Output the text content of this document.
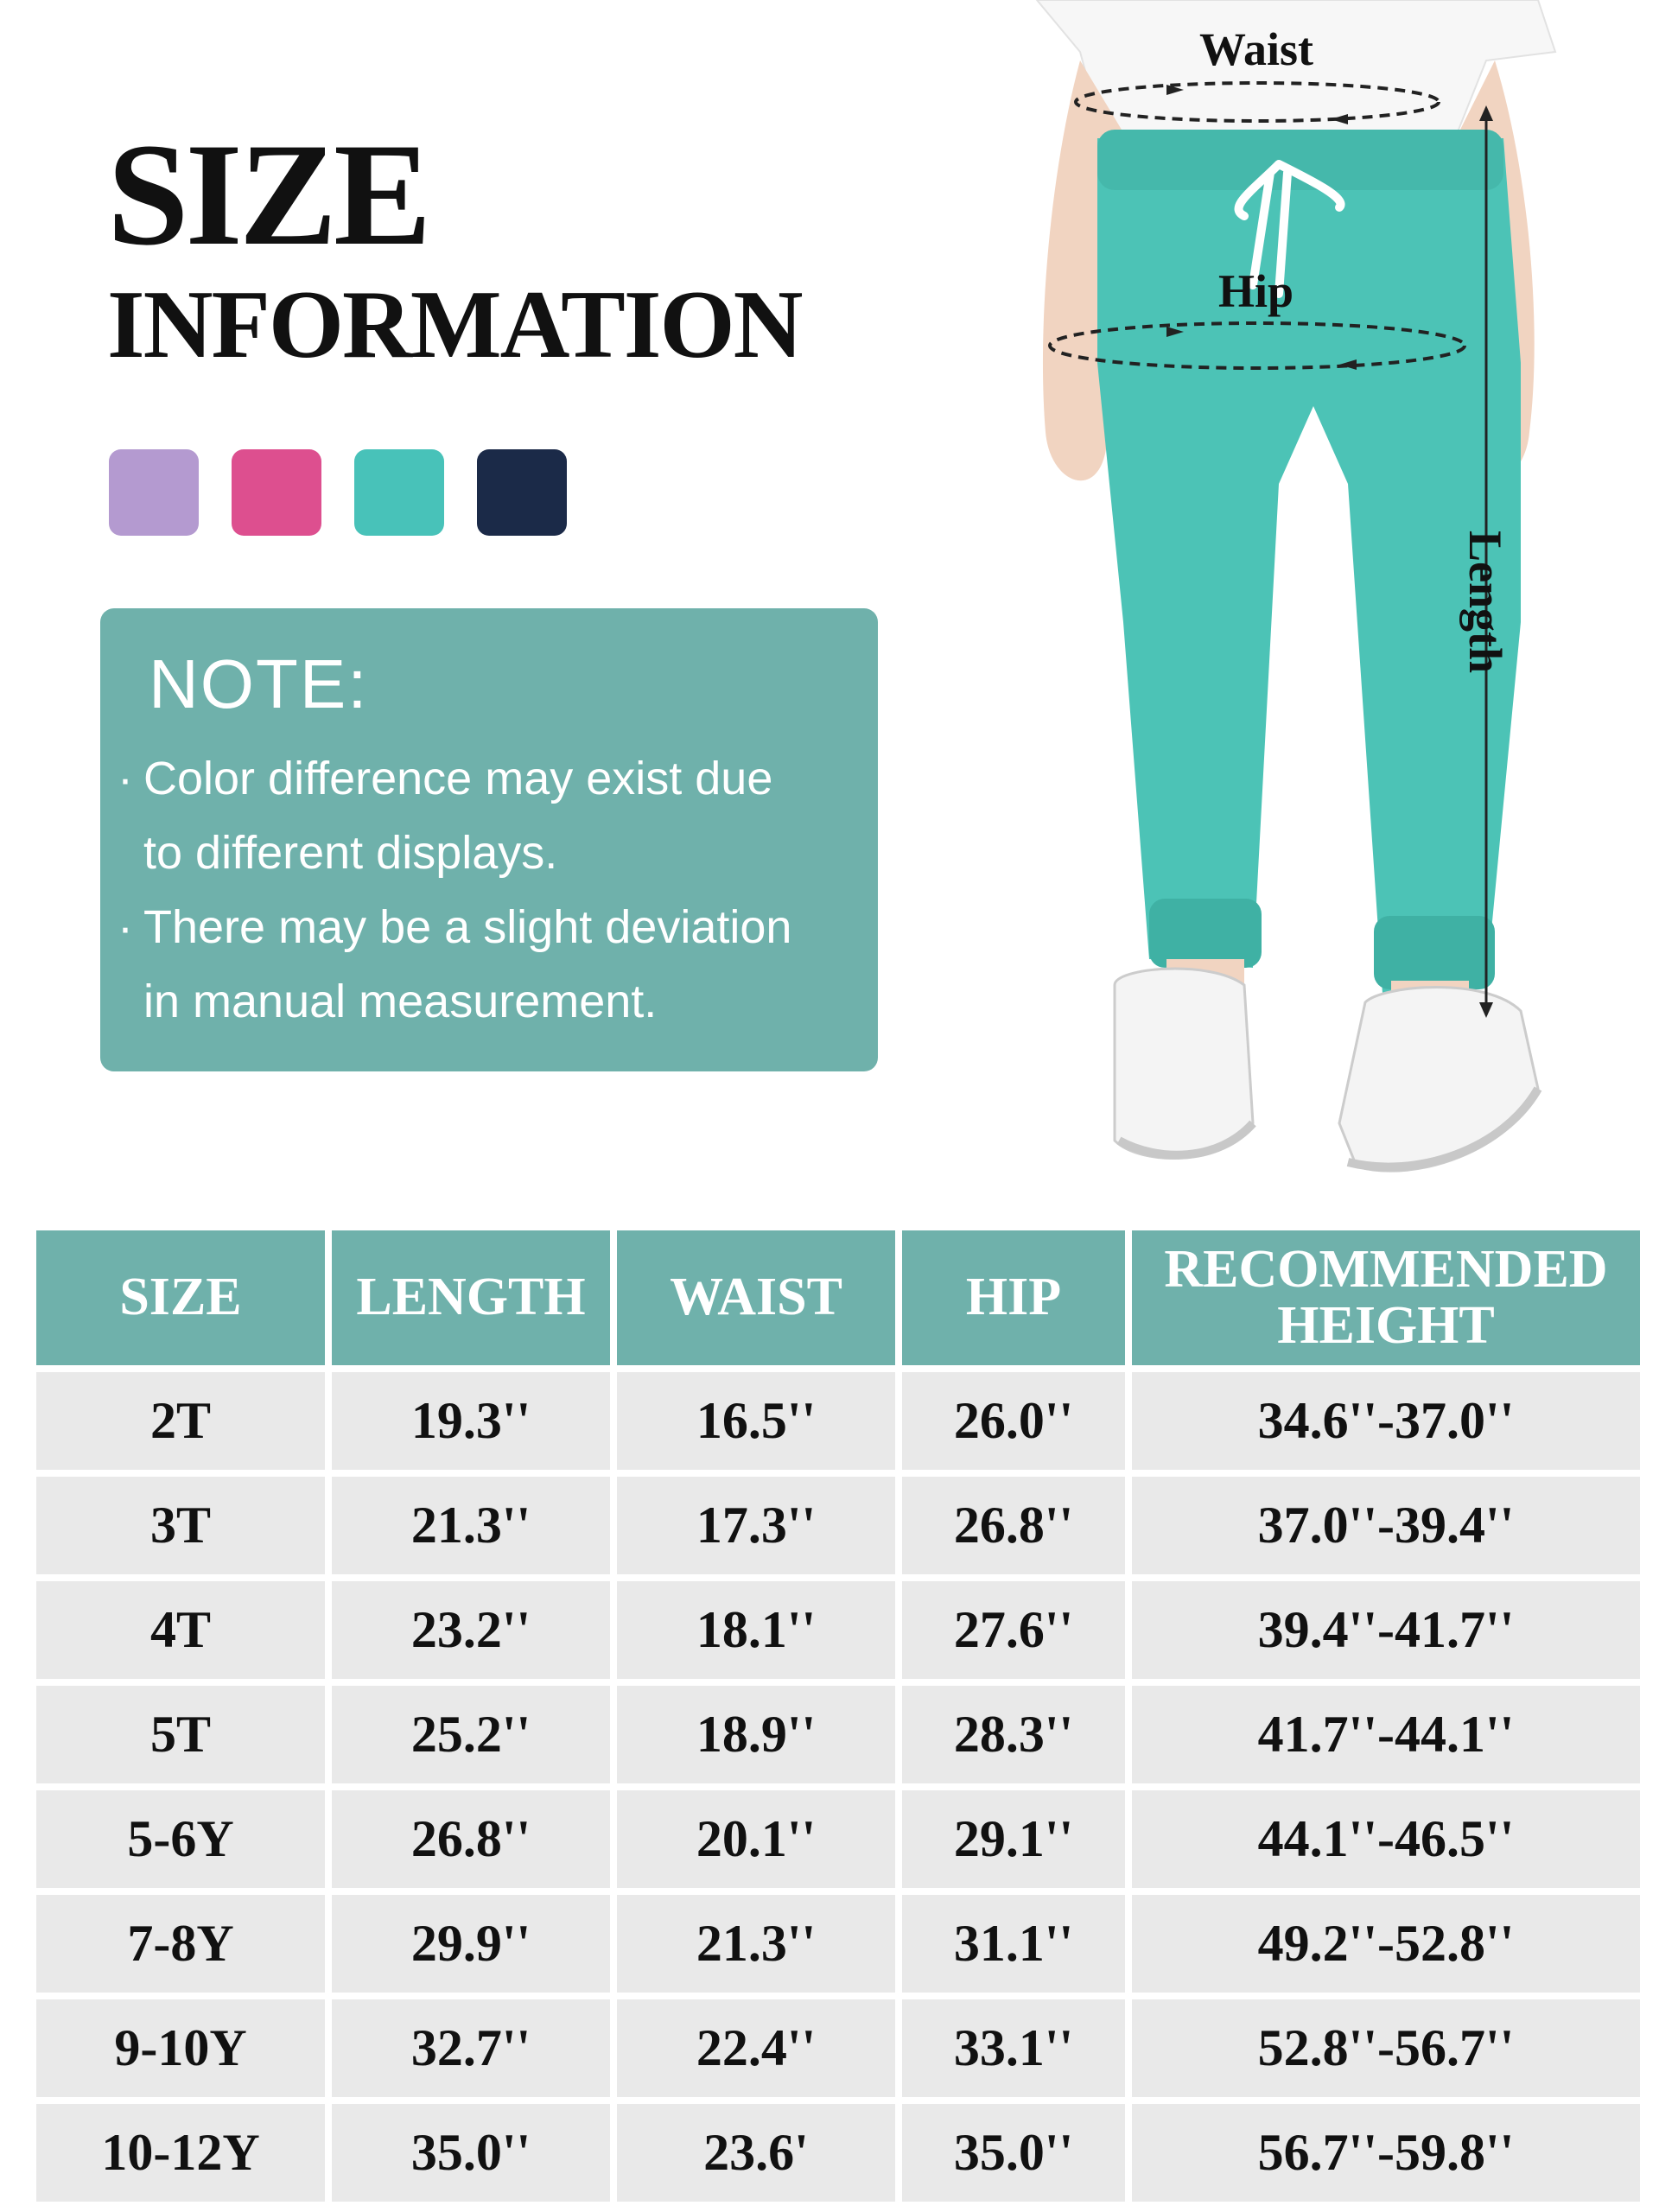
SIZE
INFORMATION
NOTE:
· Color difference may exist due
to different displays.
· There may be a slight deviation
in manual measurement.
Waist
Hip
Length
SIZE	LENGTH	WAIST	HIP	RECOMMENDED HEIGHT
2T	19.3''	16.5''	26.0''	34.6''-37.0''
3T	21.3''	17.3''	26.8''	37.0''-39.4''
4T	23.2''	18.1''	27.6''	39.4''-41.7''
5T	25.2''	18.9''	28.3''	41.7''-44.1''
5-6Y	26.8''	20.1''	29.1''	44.1''-46.5''
7-8Y	29.9''	21.3''	31.1''	49.2''-52.8''
9-10Y	32.7''	22.4''	33.1''	52.8''-56.7''
10-12Y	35.0''	23.6'	35.0''	56.7''-59.8''
